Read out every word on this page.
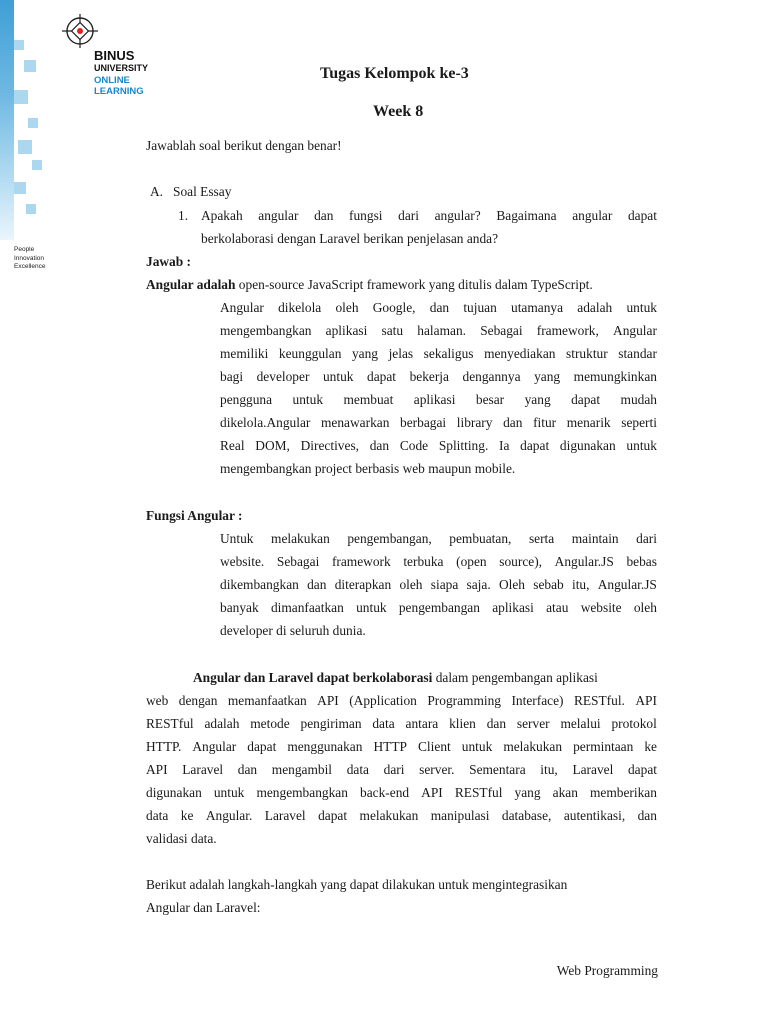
BINUS
UNIVERSITY
ONLINE
LEARNING
People
Innovation
Excellence
Tugas Kelompok ke-3
Week 8
Jawablah soal berikut dengan benar!
A. Soal Essay
1. Apakah angular dan fungsi dari angular? Bagaimana angular dapat
berkolaborasi dengan Laravel berikan penjelasan anda?
Jawab :
Angular adalah open-source JavaScript framework yang ditulis dalam TypeScript.
Angular dikelola oleh Google, dan tujuan utamanya adalah untuk
mengembangkan aplikasi satu halaman. Sebagai framework, Angular
memiliki keunggulan yang jelas sekaligus menyediakan struktur standar
bagi developer untuk dapat bekerja dengannya yang memungkinkan
pengguna untuk membuat aplikasi besar yang dapat mudah
dikelola.Angular menawarkan berbagai library dan fitur menarik seperti
Real DOM, Directives, dan Code Splitting. Ia dapat digunakan untuk
mengembangkan project berbasis web maupun mobile.
Fungsi Angular :
Untuk melakukan pengembangan, pembuatan, serta maintain dari
website. Sebagai framework terbuka (open source), Angular.JS bebas
dikembangkan dan diterapkan oleh siapa saja. Oleh sebab itu, Angular.JS
banyak dimanfaatkan untuk pengembangan aplikasi atau website oleh
developer di seluruh dunia.
Angular dan Laravel dapat berkolaborasi dalam pengembangan aplikasi
web dengan memanfaatkan API (Application Programming Interface) RESTful. API
RESTful adalah metode pengiriman data antara klien dan server melalui protokol
HTTP. Angular dapat menggunakan HTTP Client untuk melakukan permintaan ke
API Laravel dan mengambil data dari server. Sementara itu, Laravel dapat
digunakan untuk mengembangkan back-end API RESTful yang akan memberikan
data ke Angular. Laravel dapat melakukan manipulasi database, autentikasi, dan
validasi data.
Berikut adalah langkah-langkah yang dapat dilakukan untuk mengintegrasikan
Angular dan Laravel:
Web Programming
